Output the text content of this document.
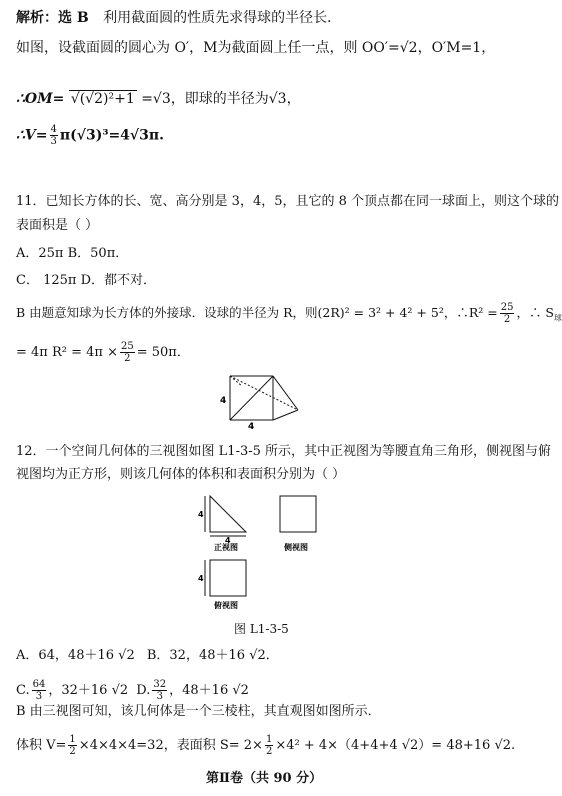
解析：选 B 利用截面圆的性质先求得球的半径长．
如图，设截面圆的圆心为 O′，M为截面圆上任一点，则 OO′=√2，O′M=1，
∴OM= √(√2)²+1 =√3，即球的半径为√3，
∴V= $\frac{4}{3} \pi(√3)^3=4√3\pi$.
11．已知长方体的长、宽、高分别是 3，4，5，且它的 8 个顶点都在同一球面上，则这个球的
表面积是（ ）
A．25π B．50π．
C． 125π D．都不对．
B 由题意知球为长方体的外接球．设球的半径为 R，则(2R)² = 3² + 4² + 5²，∴R² = $\frac{25}{2}$ ，∴ $S_球$
= 4π $R^2 = 4\pi \times \frac{25}{2} = 50\pi$．
4
4
12．一个空间几何体的三视图如图 L1-3-5 所示，其中正视图为等腰直角三角形，侧视图与俯
视图均为正方形，则该几何体的体积和表面积分别为（ ）
4
4
正视图	侧视图
4
俯视图
图 L1-3-5
A．64，48＋16 √2 B．32，48＋16 √2．
C. $\frac{64}{3}$ ，32＋16 √2 D. $\frac{32}{3}$ ，48＋16 √2
B 由三视图可知，该几何体是一个三棱柱，其直观图如图所示．
体积 $V= \frac{1}{2} \times 4\times 4\times 4=32$，表面积 $S= 2\times \frac{1}{2} \times 4^2 + 4\times(4+4+4$ √2）= 48+16 √2.
第Ⅱ卷（共 90 分）
